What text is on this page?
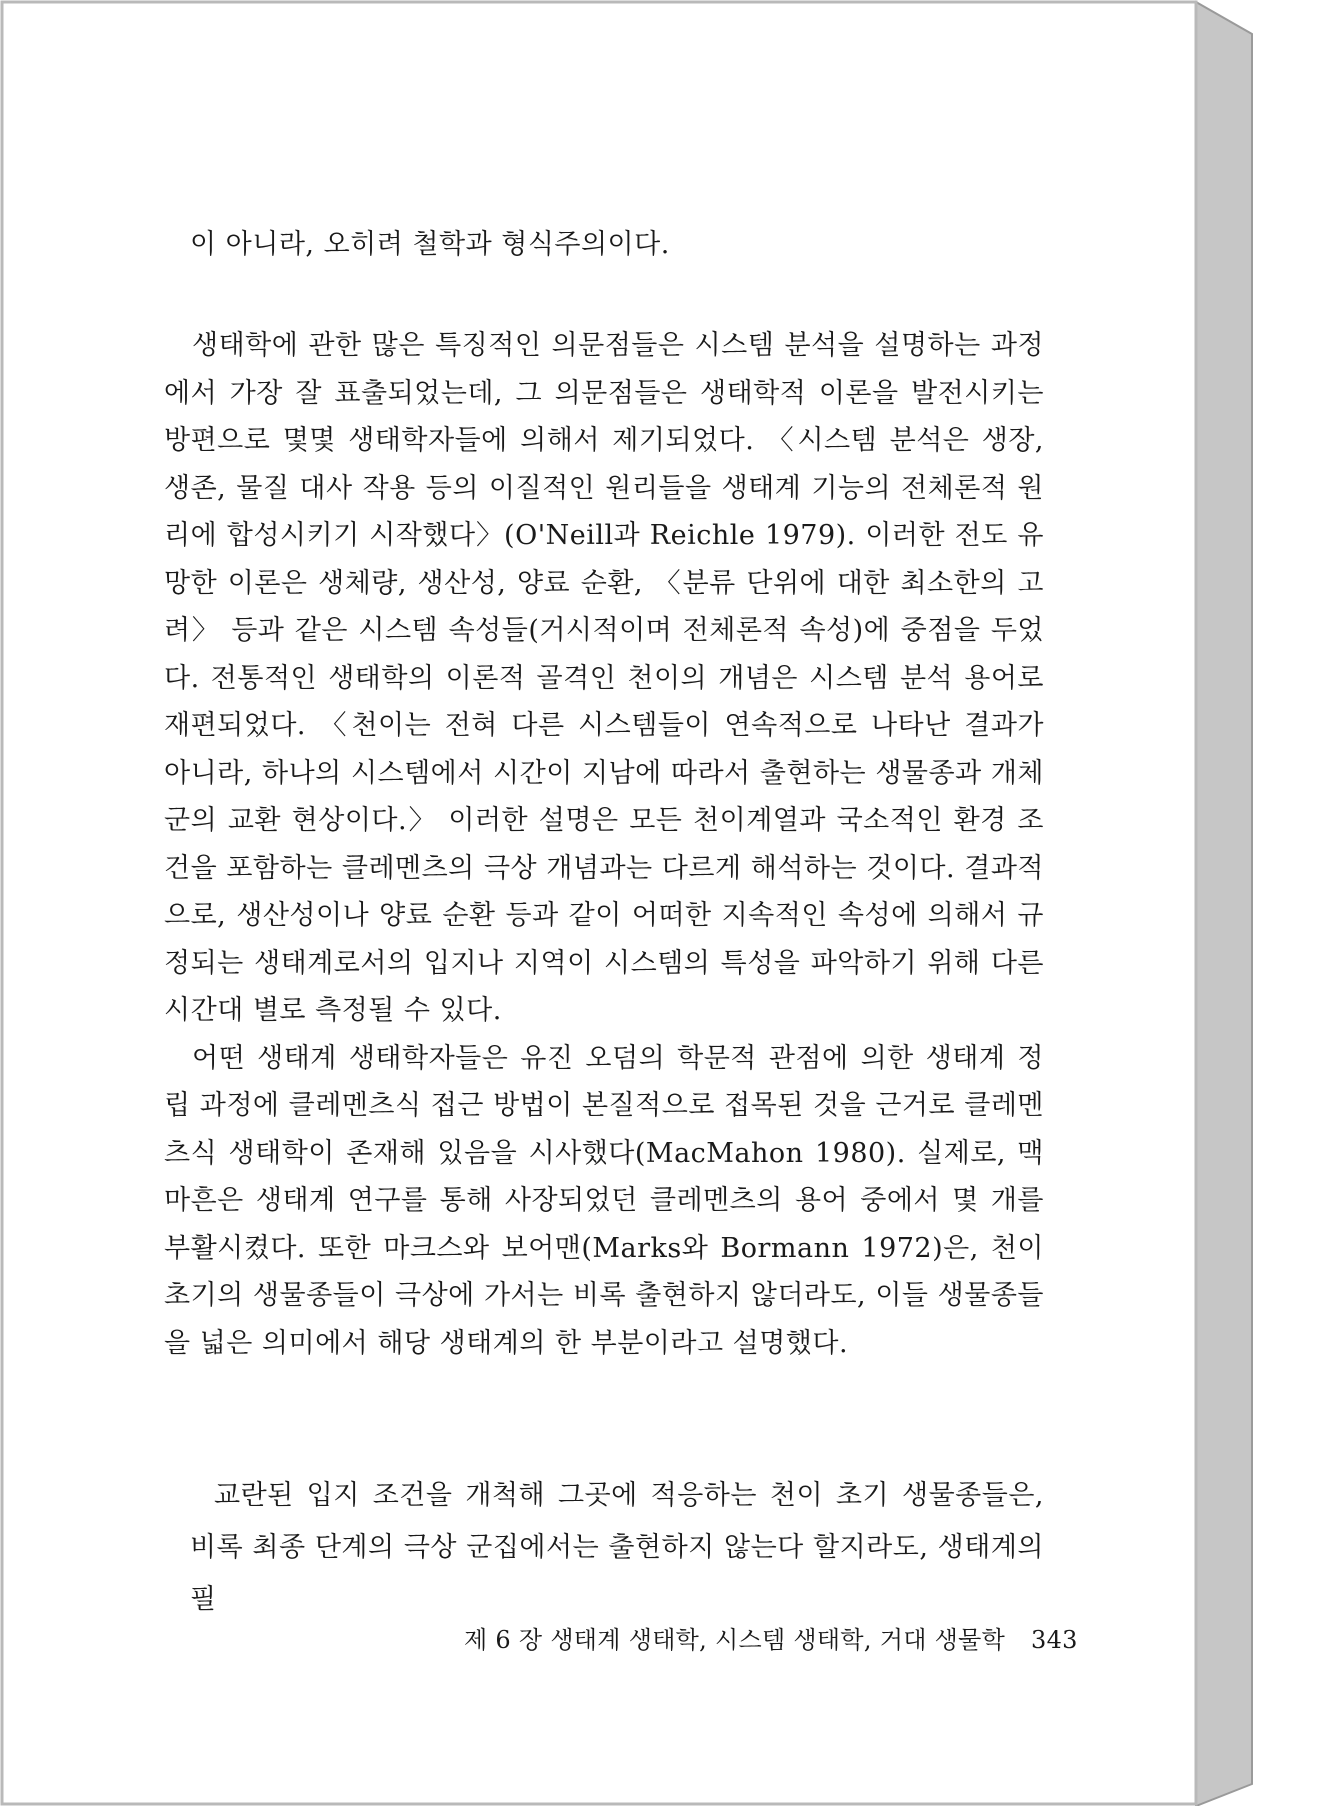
이 아니라, 오히려 철학과 형식주의이다.

생태학에 관한 많은 특징적인 의문점들은 시스템 분석을 설명하는 과정에서 가장 잘 표출되었는데, 그 의문점들은 생태학적 이론을 발전시키는 방편으로 몇몇 생태학자들에 의해서 제기되었다. 〈시스템 분석은 생장, 생존, 물질 대사 작용 등의 이질적인 원리들을 생태계 기능의 전체론적 원리에 합성시키기 시작했다〉(O'Neill과 Reichle 1979). 이러한 전도 유망한 이론은 생체량, 생산성, 양료 순환, 〈분류 단위에 대한 최소한의 고려〉 등과 같은 시스템 속성들(거시적이며 전체론적 속성)에 중점을 두었다. 전통적인 생태학의 이론적 골격인 천이의 개념은 시스템 분석 용어로 재편되었다. 〈천이는 전혀 다른 시스템들이 연속적으로 나타난 결과가 아니라, 하나의 시스템에서 시간이 지남에 따라서 출현하는 생물종과 개체군의 교환 현상이다.〉 이러한 설명은 모든 천이계열과 국소적인 환경 조건을 포함하는 클레멘츠의 극상 개념과는 다르게 해석하는 것이다. 결과적으로, 생산성이나 양료 순환 등과 같이 어떠한 지속적인 속성에 의해서 규정되는 생태계로서의 입지나 지역이 시스템의 특성을 파악하기 위해 다른 시간대 별로 측정될 수 있다.

어떤 생태계 생태학자들은 유진 오덤의 학문적 관점에 의한 생태계 정립 과정에 클레멘츠식 접근 방법이 본질적으로 접목된 것을 근거로 클레멘츠식 생태학이 존재해 있음을 시사했다(MacMahon 1980). 실제로, 맥마흔은 생태계 연구를 통해 사장되었던 클레멘츠의 용어 중에서 몇 개를 부활시켰다. 또한 마크스와 보어맨(Marks와 Bormann 1972)은, 천이 초기의 생물종들이 극상에 가서는 비록 출현하지 않더라도, 이들 생물종들을 넓은 의미에서 해당 생태계의 한 부분이라고 설명했다.

교란된 입지 조건을 개척해 그곳에 적응하는 천이 초기 생물종들은, 비록 최종 단계의 극상 군집에서는 출현하지 않는다 할지라도, 생태계의 필

제 6 장 생태계 생태학, 시스템 생태학, 거대 생물학 343
